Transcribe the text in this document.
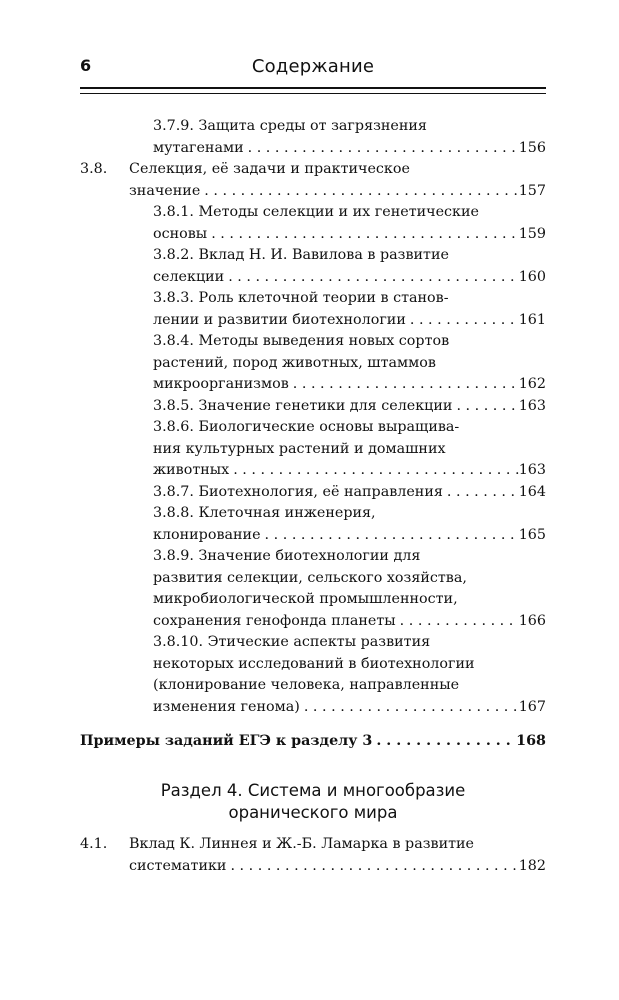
6	Содержание
3.7.9. Защита среды от загрязнения
мутагенами . . .	156
3.8. Селекция, её задачи и практическое
значение . . .	157
3.8.1. Методы селекции и их генетические
основы . . .	159
3.8.2. Вклад Н. И. Вавилова в развитие
селекции . . .	160
3.8.3. Роль клеточной теории в станов-
лении и развитии биотехнологии . . .	161
3.8.4. Методы выведения новых сортов
растений, пород животных, штаммов
микроорганизмов . . .	162
3.8.5. Значение генетики для селекции . . .	163
3.8.6. Биологические основы выращива-
ния культурных растений и домашних
животных . . .	163
3.8.7. Биотехнология, её направления . . .	164
3.8.8. Клеточная инженерия,
клонирование . . .	165
3.8.9. Значение биотехнологии для
развития селекции, сельского хозяйства,
микробиологической промышленности,
сохранения генофонда планеты . . .	166
3.8.10. Этические аспекты развития
некоторых исследований в биотехнологии
(клонирование человека, направленные
изменения генома) . . .	167
Примеры заданий ЕГЭ к разделу 3 . . .	168
Раздел 4. Система и многообразие
оранического мира
4.1. Вклад К. Линнея и Ж.-Б. Ламарка в развитие
систематики . . .	182
